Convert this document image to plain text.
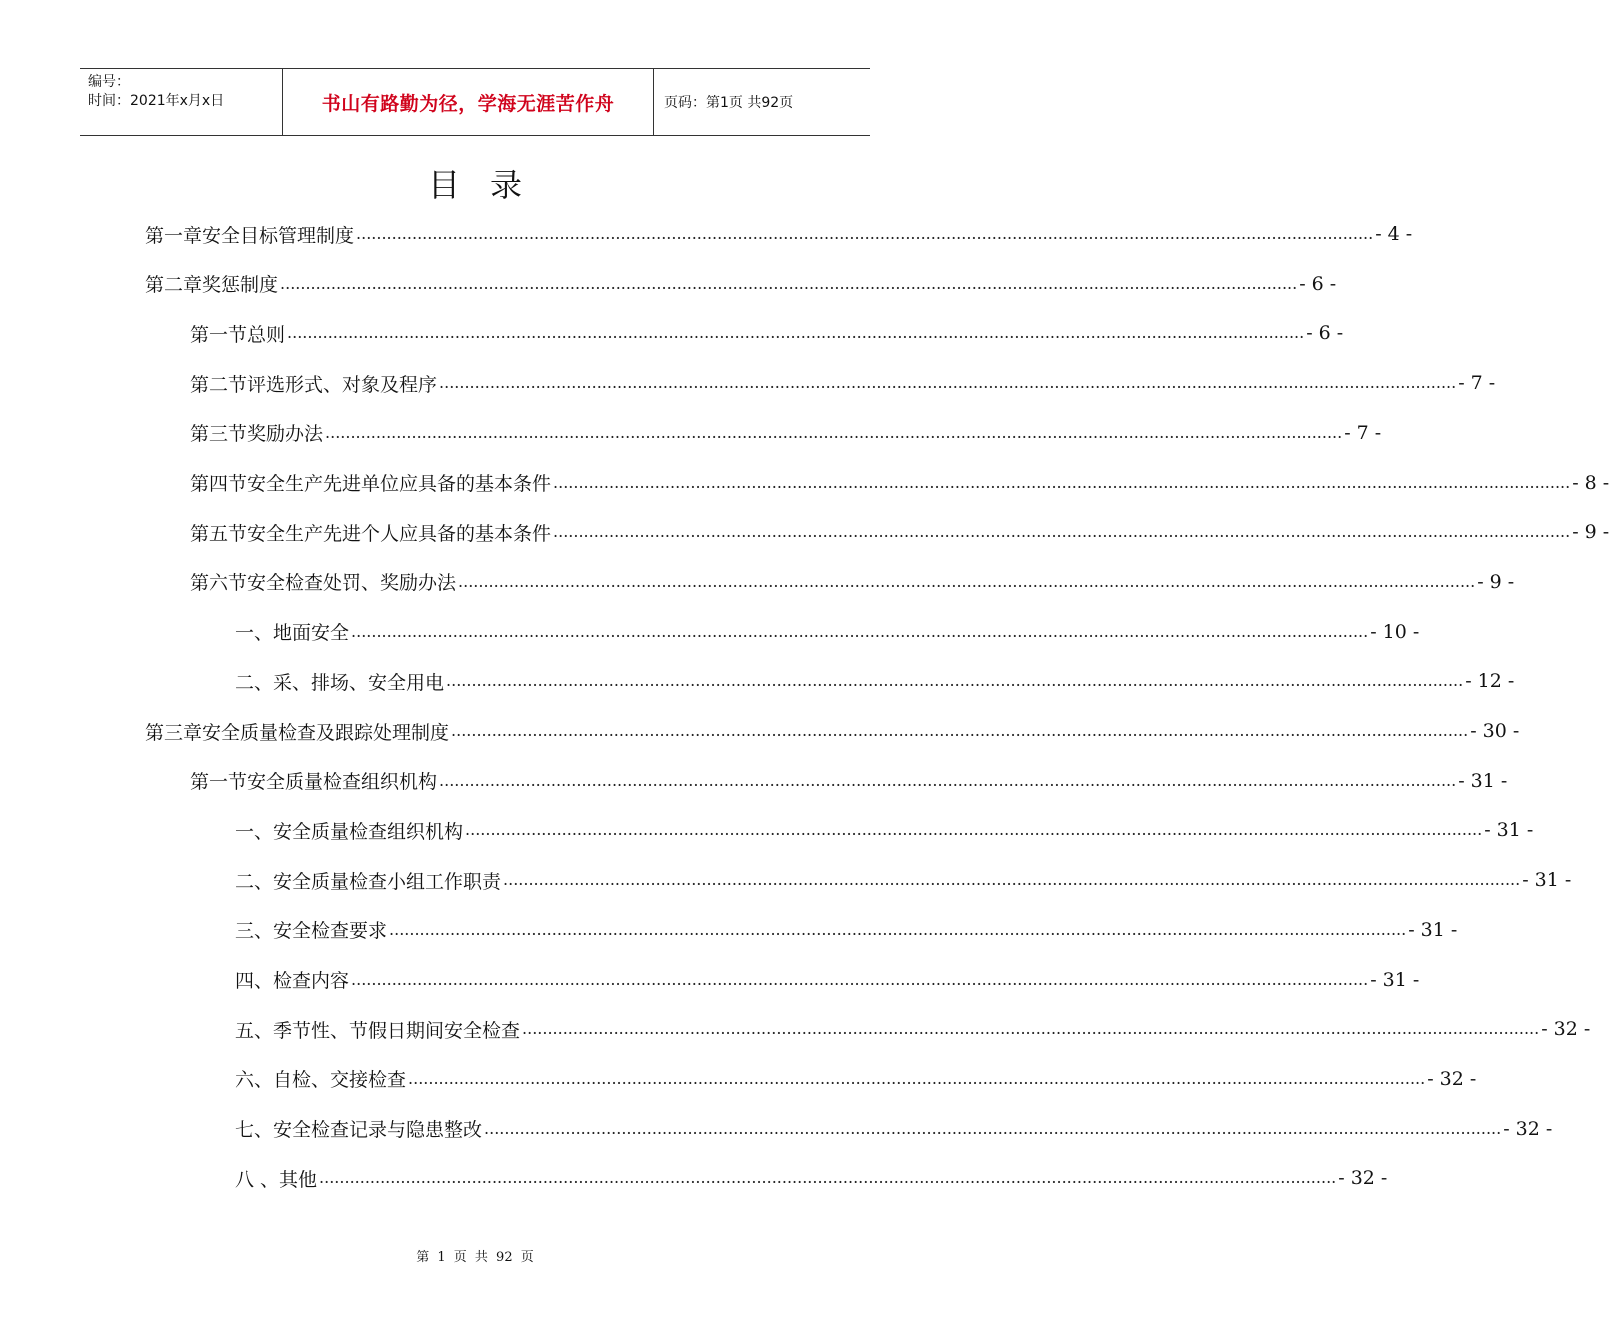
编号：
时间：2021年x月x日	书山有路勤为径，学海无涯苦作舟	页码：第1页 共92页
目录
第一章 安全目标管理制度 ........................................................................................................................................................................................................ - 4 -
第二章 奖惩制度 ........................................................................................................................................................................................................ - 6 -
第一节 总则 ........................................................................................................................................................................................................ - 6 -
第二节 评选形式、对象及程序 ........................................................................................................................................................................................................ - 7 -
第三节 奖励办法 ........................................................................................................................................................................................................ - 7 -
第四节 安全生产先进单位应具备的基本条件 ........................................................................................................................................................................................................ - 8 -
第五节 安全生产先进个人应具备的基本条件 ........................................................................................................................................................................................................ - 9 -
第六节 安全检查处罚、奖励办法 ........................................................................................................................................................................................................ - 9 -
一、地面安全 ........................................................................................................................................................................................................ - 10 -
二、采、排场、安全用电 ........................................................................................................................................................................................................ - 12 -
第三章 安全质量检查及跟踪处理制度 ........................................................................................................................................................................................................ - 30 -
第一节 安全质量检查组织机构 ........................................................................................................................................................................................................ - 31 -
一、安全质量检查组织机构 ........................................................................................................................................................................................................ - 31 -
二、安全质量检查小组工作职责 ........................................................................................................................................................................................................ - 31 -
三、安全检查要求 ........................................................................................................................................................................................................ - 31 -
四、检查内容 ........................................................................................................................................................................................................ - 31 -
五、季节性、节假日期间安全检查 ........................................................................................................................................................................................................ - 32 -
六、自检、交接检查 ........................................................................................................................................................................................................ - 32 -
七、安全检查记录与隐患整改 ........................................................................................................................................................................................................ - 32 -
八 、其他 ........................................................................................................................................................................................................ - 32 -
第 1 页 共 92 页
